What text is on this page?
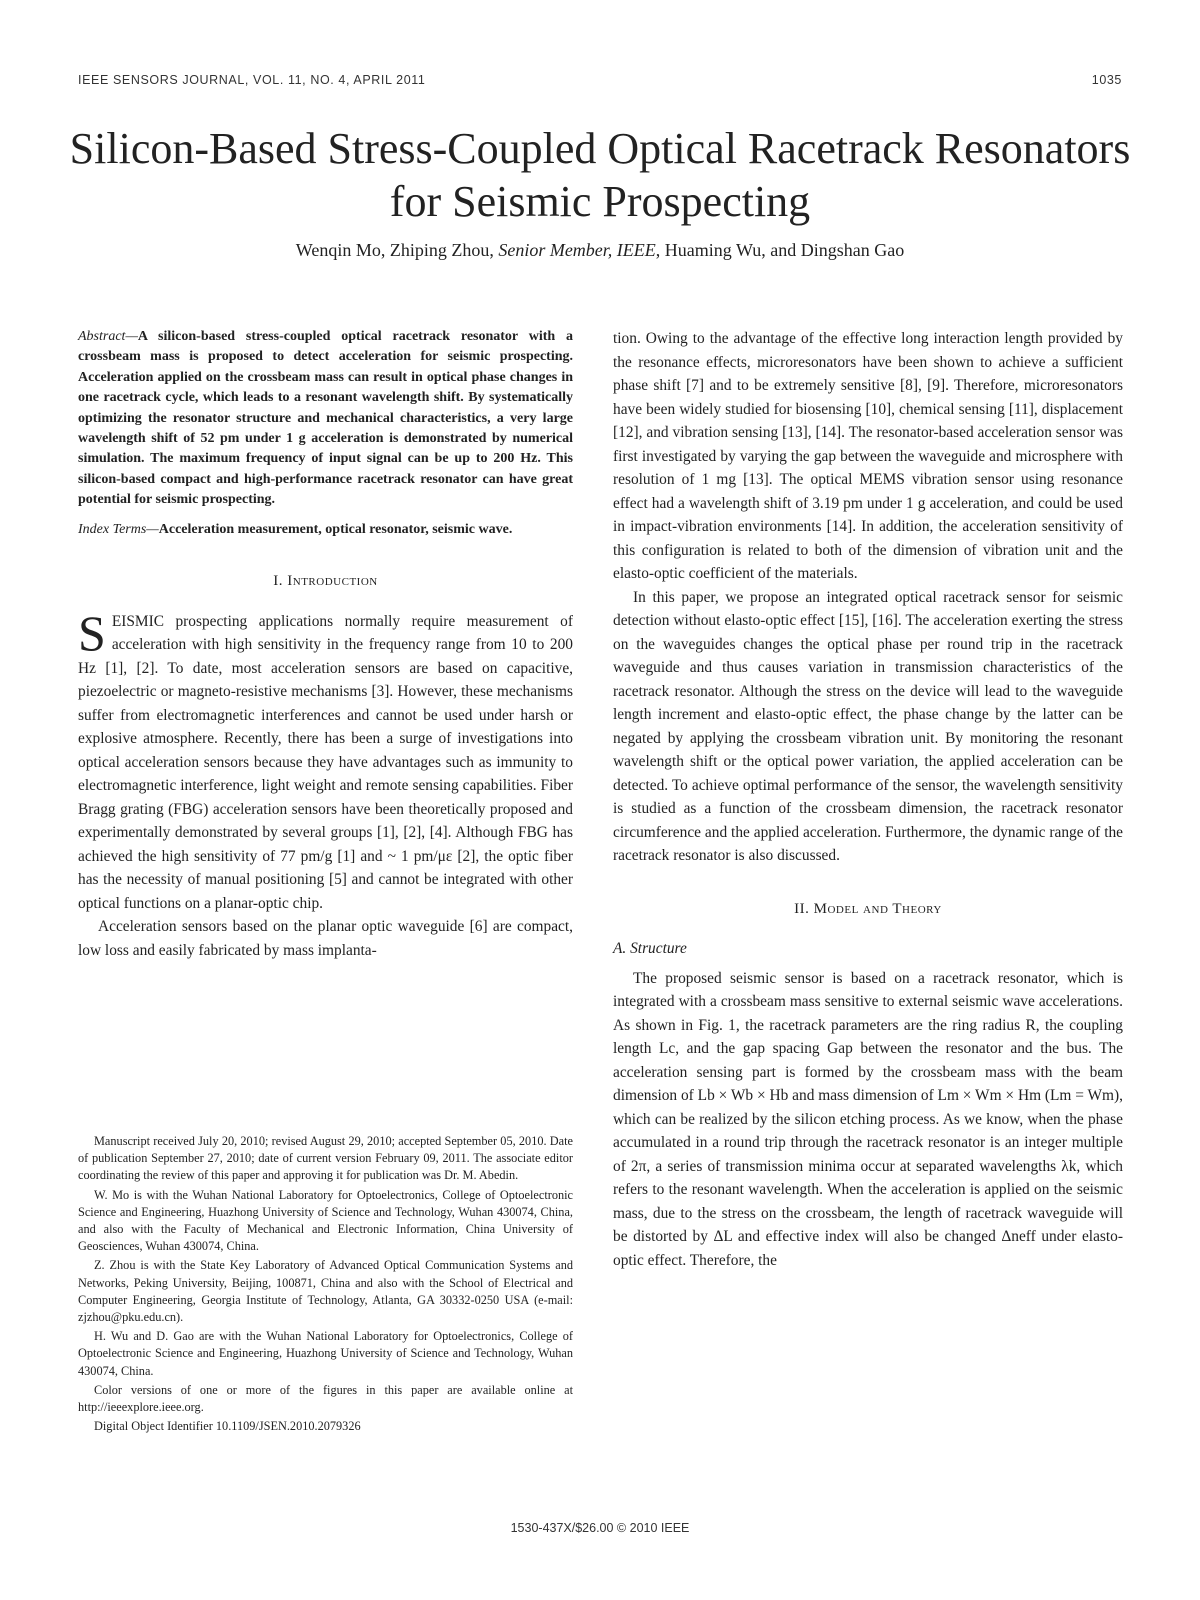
IEEE SENSORS JOURNAL, VOL. 11, NO. 4, APRIL 2011	1035
Silicon-Based Stress-Coupled Optical Racetrack Resonators for Seismic Prospecting
Wenqin Mo, Zhiping Zhou, Senior Member, IEEE, Huaming Wu, and Dingshan Gao

Abstract—A silicon-based stress-coupled optical racetrack resonator with a crossbeam mass is proposed to detect acceleration for seismic prospecting. Acceleration applied on the crossbeam mass can result in optical phase changes in one racetrack cycle, which leads to a resonant wavelength shift. By systematically optimizing the resonator structure and mechanical characteristics, a very large wavelength shift of 52 pm under 1 g acceleration is demonstrated by numerical simulation. The maximum frequency of input signal can be up to 200 Hz. This silicon-based compact and high-performance racetrack resonator can have great potential for seismic prospecting.

Index Terms—Acceleration measurement, optical resonator, seismic wave.

I. Introduction

SEISMIC prospecting applications normally require measurement of acceleration with high sensitivity in the frequency range from 10 to 200 Hz [1], [2]. To date, most acceleration sensors are based on capacitive, piezoelectric or magneto-resistive mechanisms [3]. However, these mechanisms suffer from electromagnetic interferences and cannot be used under harsh or explosive atmosphere. Recently, there has been a surge of investigations into optical acceleration sensors because they have advantages such as immunity to electromagnetic interference, light weight and remote sensing capabilities. Fiber Bragg grating (FBG) acceleration sensors have been theoretically proposed and experimentally demonstrated by several groups [1], [2], [4]. Although FBG has achieved the high sensitivity of 77 pm/g [1] and ~ 1 pm/με [2], the optic fiber has the necessity of manual positioning [5] and cannot be integrated with other optical functions on a planar-optic chip.

Acceleration sensors based on the planar optic waveguide [6] are compact, low loss and easily fabricated by mass implanta-

tion. Owing to the advantage of the effective long interaction length provided by the resonance effects, microresonators have been shown to achieve a sufficient phase shift [7] and to be extremely sensitive [8], [9]. Therefore, microresonators have been widely studied for biosensing [10], chemical sensing [11], displacement [12], and vibration sensing [13], [14]. The resonator-based acceleration sensor was first investigated by varying the gap between the waveguide and microsphere with resolution of 1 mg [13]. The optical MEMS vibration sensor using resonance effect had a wavelength shift of 3.19 pm under 1 g acceleration, and could be used in impact-vibration environments [14]. In addition, the acceleration sensitivity of this configuration is related to both of the dimension of vibration unit and the elasto-optic coefficient of the materials.

In this paper, we propose an integrated optical racetrack sensor for seismic detection without elasto-optic effect [15], [16]. The acceleration exerting the stress on the waveguides changes the optical phase per round trip in the racetrack waveguide and thus causes variation in transmission characteristics of the racetrack resonator. Although the stress on the device will lead to the waveguide length increment and elasto-optic effect, the phase change by the latter can be negated by applying the crossbeam vibration unit. By monitoring the resonant wavelength shift or the optical power variation, the applied acceleration can be detected. To achieve optimal performance of the sensor, the wavelength sensitivity is studied as a function of the crossbeam dimension, the racetrack resonator circumference and the applied acceleration. Furthermore, the dynamic range of the racetrack resonator is also discussed.

II. Model and Theory
A. Structure

The proposed seismic sensor is based on a racetrack resonator, which is integrated with a crossbeam mass sensitive to external seismic wave accelerations. As shown in Fig. 1, the racetrack parameters are the ring radius R, the coupling length Lc, and the gap spacing Gap between the resonator and the bus. The acceleration sensing part is formed by the crossbeam mass with the beam dimension of Lb × Wb × Hb and mass dimension of Lm × Wm × Hm (Lm = Wm), which can be realized by the silicon etching process. As we know, when the phase accumulated in a round trip through the racetrack resonator is an integer multiple of 2π, a series of transmission minima occur at separated wavelengths λk, which refers to the resonant wavelength. When the acceleration is applied on the seismic mass, due to the stress on the crossbeam, the length of racetrack waveguide will be distorted by ΔL and effective index will also be changed Δneff under elasto-optic effect. Therefore, the

Manuscript received July 20, 2010; revised August 29, 2010; accepted September 05, 2010. Date of publication September 27, 2010; date of current version February 09, 2011. The associate editor coordinating the review of this paper and approving it for publication was Dr. M. Abedin.

W. Mo is with the Wuhan National Laboratory for Optoelectronics, College of Optoelectronic Science and Engineering, Huazhong University of Science and Technology, Wuhan 430074, China, and also with the Faculty of Mechanical and Electronic Information, China University of Geosciences, Wuhan 430074, China.

Z. Zhou is with the State Key Laboratory of Advanced Optical Communication Systems and Networks, Peking University, Beijing, 100871, China and also with the School of Electrical and Computer Engineering, Georgia Institute of Technology, Atlanta, GA 30332-0250 USA (e-mail: zjzhou@pku.edu.cn).

H. Wu and D. Gao are with the Wuhan National Laboratory for Optoelectronics, College of Optoelectronic Science and Engineering, Huazhong University of Science and Technology, Wuhan 430074, China.

Color versions of one or more of the figures in this paper are available online at http://ieeexplore.ieee.org.

Digital Object Identifier 10.1109/JSEN.2010.2079326

1530-437X/$26.00 © 2010 IEEE
